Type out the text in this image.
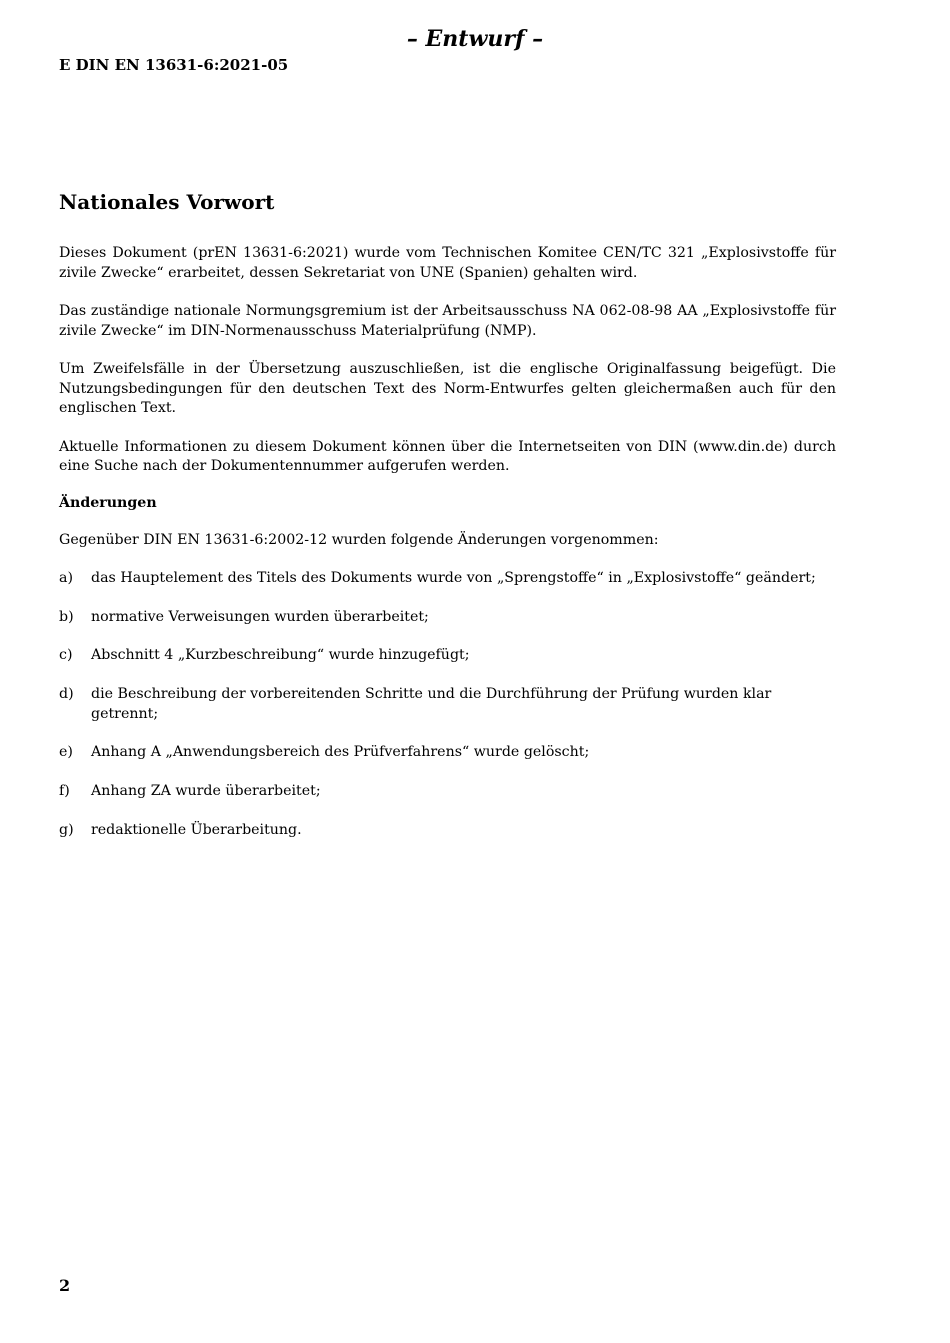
– Entwurf –
E DIN EN 13631-6:2021-05
Nationales Vorwort

Dieses Dokument (prEN 13631-6:2021) wurde vom Technischen Komitee CEN/TC 321 „Explosivstoffe für zivile Zwecke“ erarbeitet, dessen Sekretariat von UNE (Spanien) gehalten wird.

Das zuständige nationale Normungsgremium ist der Arbeitsausschuss NA 062-08-98 AA „Explosivstoffe für zivile Zwecke“ im DIN-Normenausschuss Materialprüfung (NMP).

Um Zweifelsfälle in der Übersetzung auszuschließen, ist die englische Originalfassung beigefügt. Die Nutzungsbedingungen für den deutschen Text des Norm-Entwurfes gelten gleichermaßen auch für den englischen Text.

Aktuelle Informationen zu diesem Dokument können über die Internetseiten von DIN (www.din.de) durch eine Suche nach der Dokumentennummer aufgerufen werden.

Änderungen

Gegenüber DIN EN 13631-6:2002-12 wurden folgende Änderungen vorgenommen:

a)	das Hauptelement des Titels des Dokuments wurde von „Sprengstoffe“ in „Explosivstoffe“ geändert;
b)	normative Verweisungen wurden überarbeitet;
c)	Abschnitt 4 „Kurzbeschreibung“ wurde hinzugefügt;
d)	die Beschreibung der vorbereitenden Schritte und die Durchführung der Prüfung wurden klar getrennt;
e)	Anhang A „Anwendungsbereich des Prüfverfahrens“ wurde gelöscht;
f)	Anhang ZA wurde überarbeitet;
g)	redaktionelle Überarbeitung.
2
